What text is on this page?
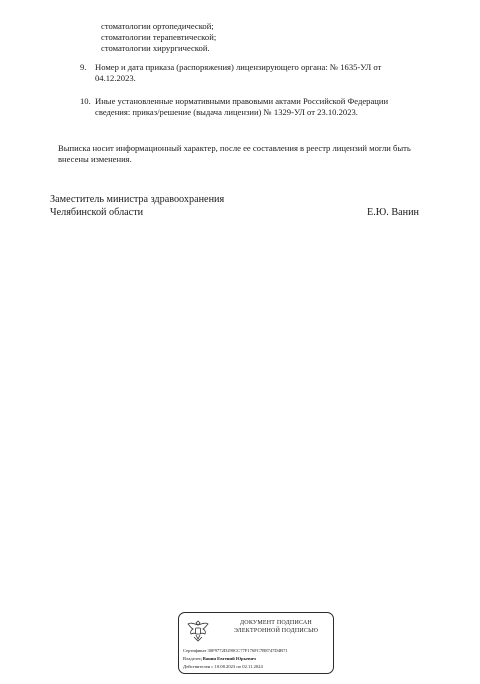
стоматологии ортопедической;
стоматологии терапевтической;
стоматологии хирургической.
9. Номер и дата приказа (распоряжения) лицензирующего органа: № 1635-УЛ от
04.12.2023.
10. Иные установленные нормативными правовыми актами Российской Федерации
сведения: приказ/решение (выдача лицензии) № 1329-УЛ от 23.10.2023.
Выписка носит информационный характер, после ее составления в реестр лицензий могли быть
внесены изменения.
Заместитель министра здравоохранения
Челябинской области	Е.Ю. Ванин
ДОКУМЕНТ ПОДПИСАН
ЭЛЕКТРОННОЙ ПОДПИСЬЮ
Сертификат 30F9772D290CC77F176FC7B8747D4B71
Владелец Ванин Евгений Юрьевич
Действителен с 10.08.2023 по 02.11.2024
